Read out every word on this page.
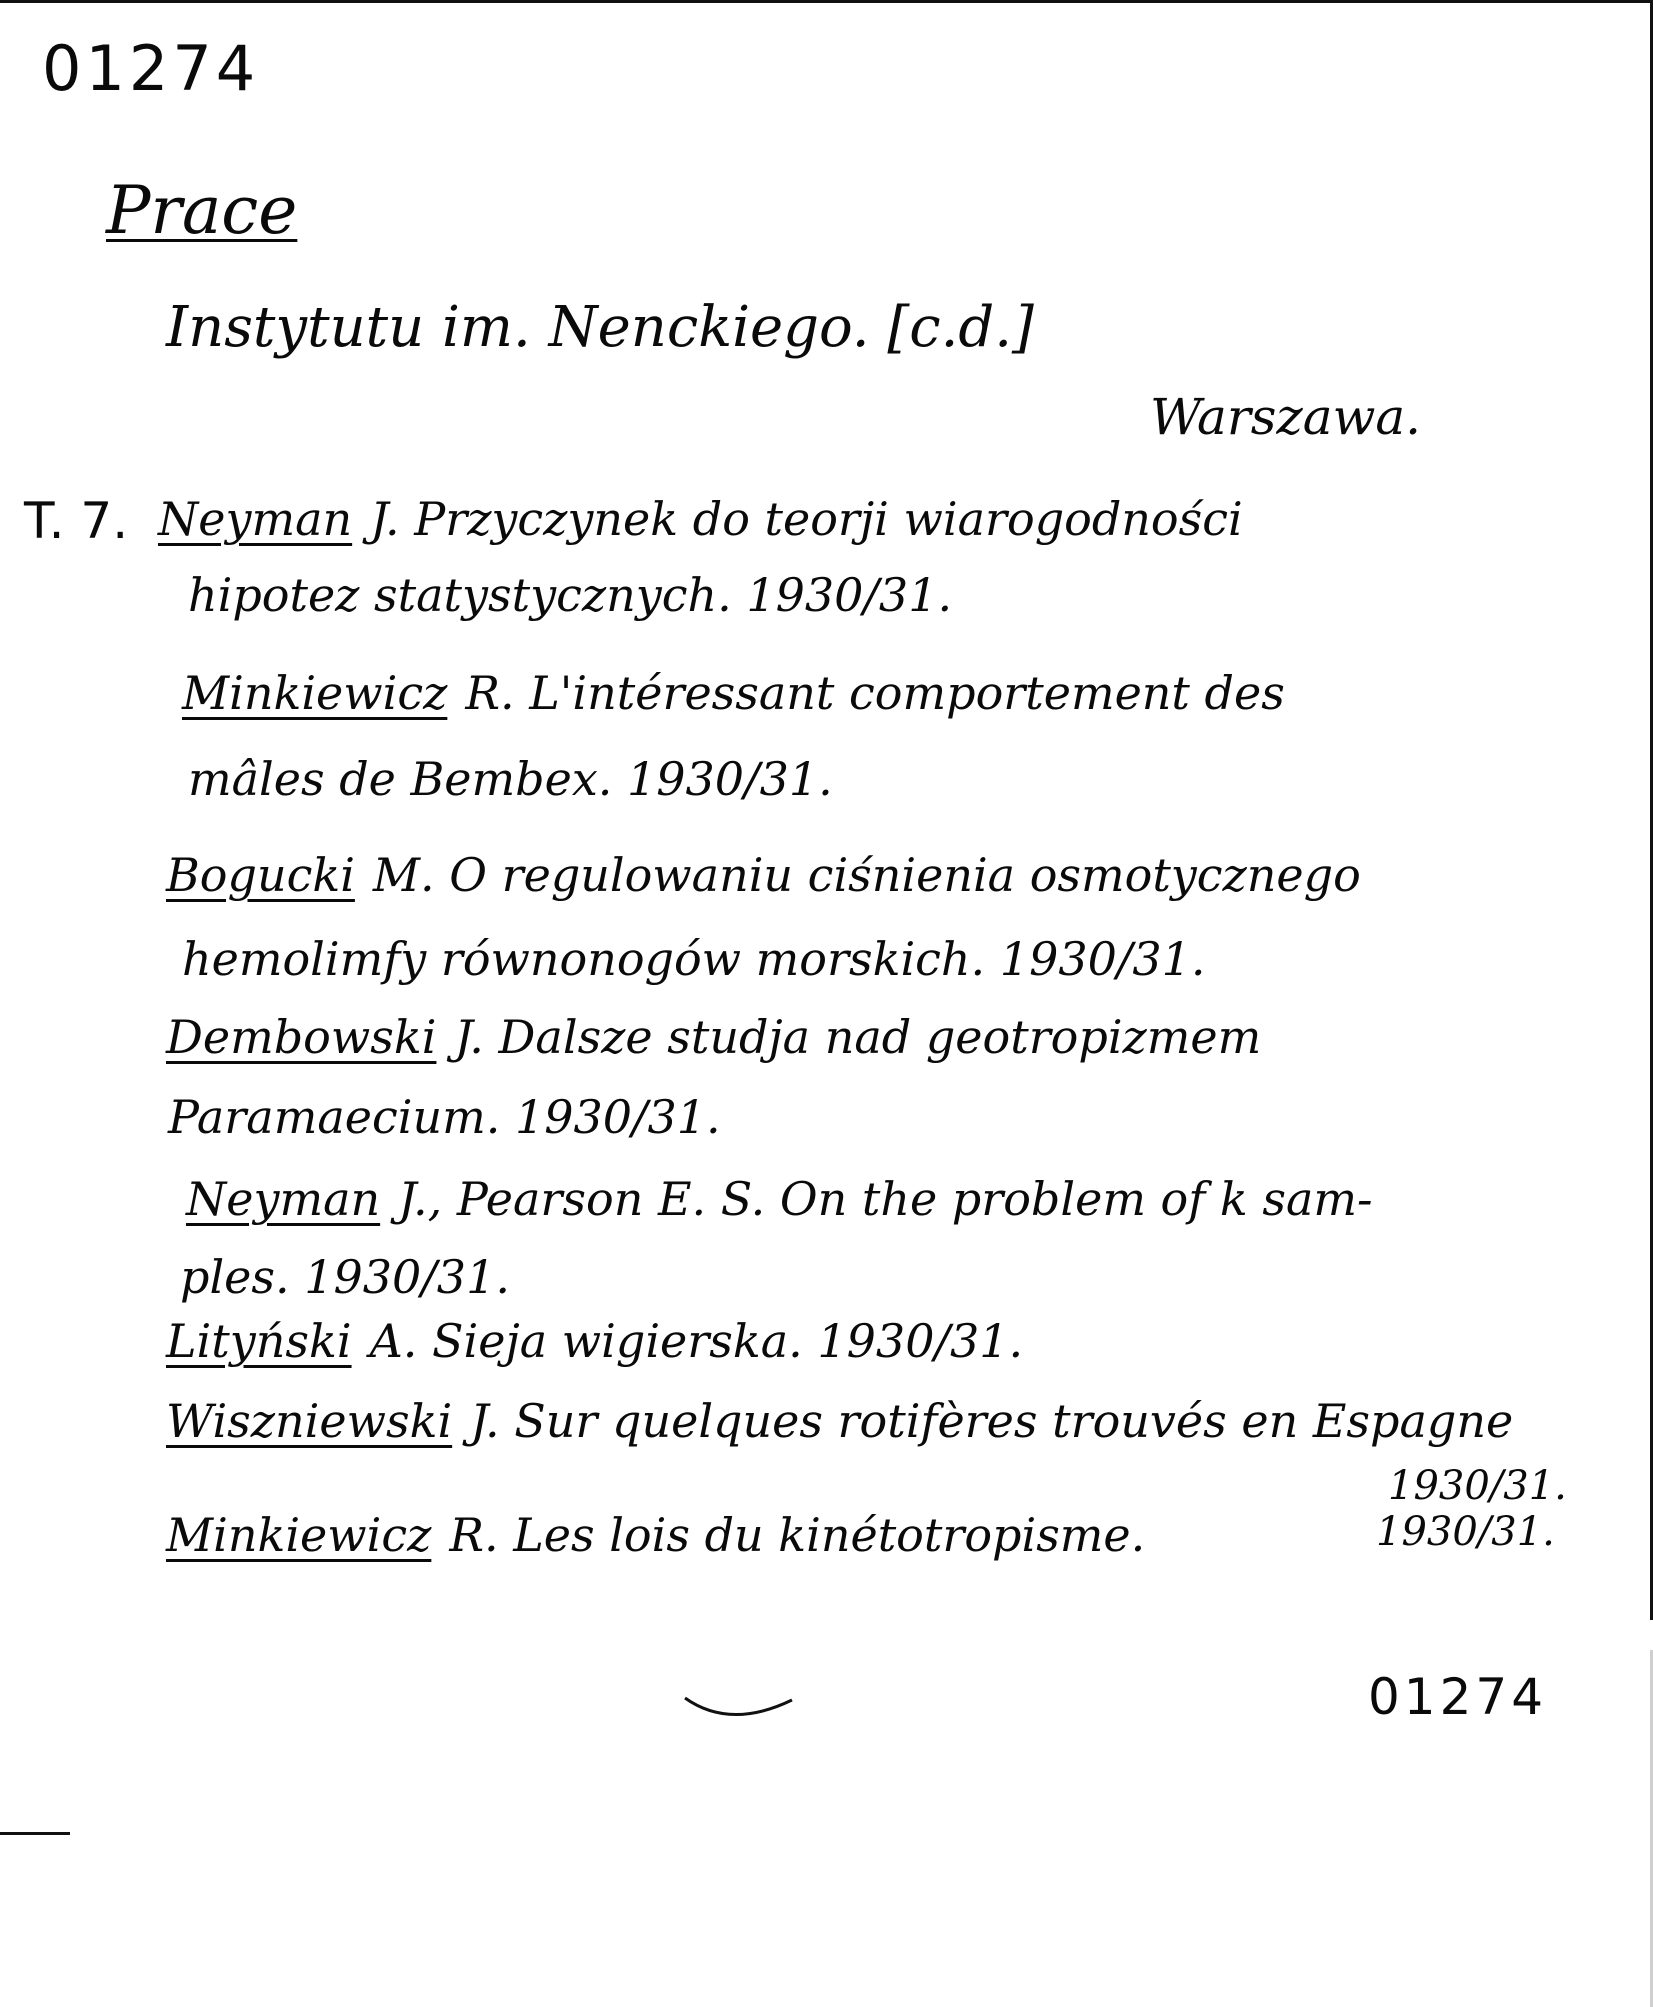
01274
Prace
Instytutu im. Nenckiego. [c.d.]
Warszawa.
T. 7. Neyman J. Przyczynek do teorji wiarogodności
hipotez statystycznych. 1930/31.
Minkiewicz R. L'intéressant comportement des
mâles de Bembex. 1930/31.
Bogucki M. O regulowaniu ciśnienia osmotycznego
hemolimfy równonogów morskich. 1930/31.
Dembowski J. Dalsze studja nad geotropizmem
Paramaecium. 1930/31.
Neyman J., Pearson E. S. On the problem of k sam-
ples. 1930/31.
Lityński A. Sieja wigierska. 1930/31.
Wiszniewski J. Sur quelques rotifères trouvés en Espagne
1930/31.
Minkiewicz R. Les lois du kinétotropisme.	1930/31.
01274
